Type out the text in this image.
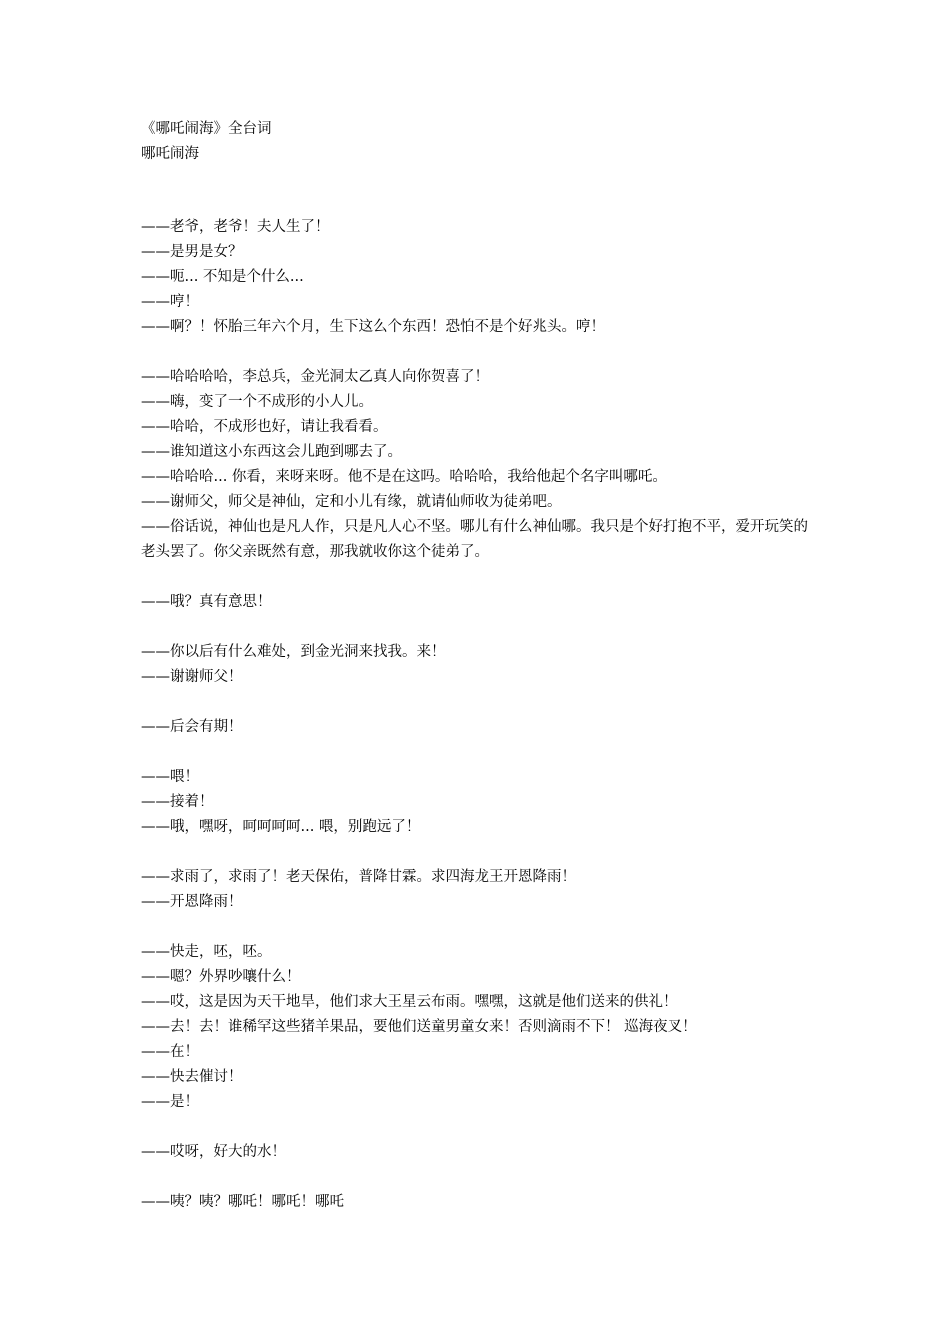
《哪吒闹海》全台词
哪吒闹海
——老爷，老爷！夫人生了！
——是男是女？
——呃... 不知是个什么...
——哼！
——啊？！怀胎三年六个月，生下这么个东西！恐怕不是个好兆头。哼！
——哈哈哈哈，李总兵，金光洞太乙真人向你贺喜了！
——嗨，变了一个不成形的小人儿。
——哈哈，不成形也好，请让我看看。
——谁知道这小东西这会儿跑到哪去了。
——哈哈哈... 你看，来呀来呀。他不是在这吗。哈哈哈，我给他起个名字叫哪吒。
——谢师父，师父是神仙，定和小儿有缘，就请仙师收为徒弟吧。
——俗话说，神仙也是凡人作，只是凡人心不坚。哪儿有什么神仙哪。我只是个好打抱不平，爱开玩笑的老头罢了。你父亲既然有意，那我就收你这个徒弟了。
——哦？真有意思！
——你以后有什么难处，到金光洞来找我。来！
——谢谢师父！
——后会有期！
——喂！
——接着！
——哦，嘿呀，呵呵呵呵... 喂，别跑远了！
——求雨了，求雨了！老天保佑，普降甘霖。求四海龙王开恩降雨！
——开恩降雨！
——快走，呸，呸。
——嗯？外界吵嚷什么！
——哎，这是因为天干地旱，他们求大王星云布雨。嘿嘿，这就是他们送来的供礼！
——去！去！谁稀罕这些猪羊果品，要他们送童男童女来！否则滴雨不下！ 巡海夜叉！
——在！
——快去催讨！
——是！
——哎呀，好大的水！
——咦？咦？哪吒！哪吒！哪吒
